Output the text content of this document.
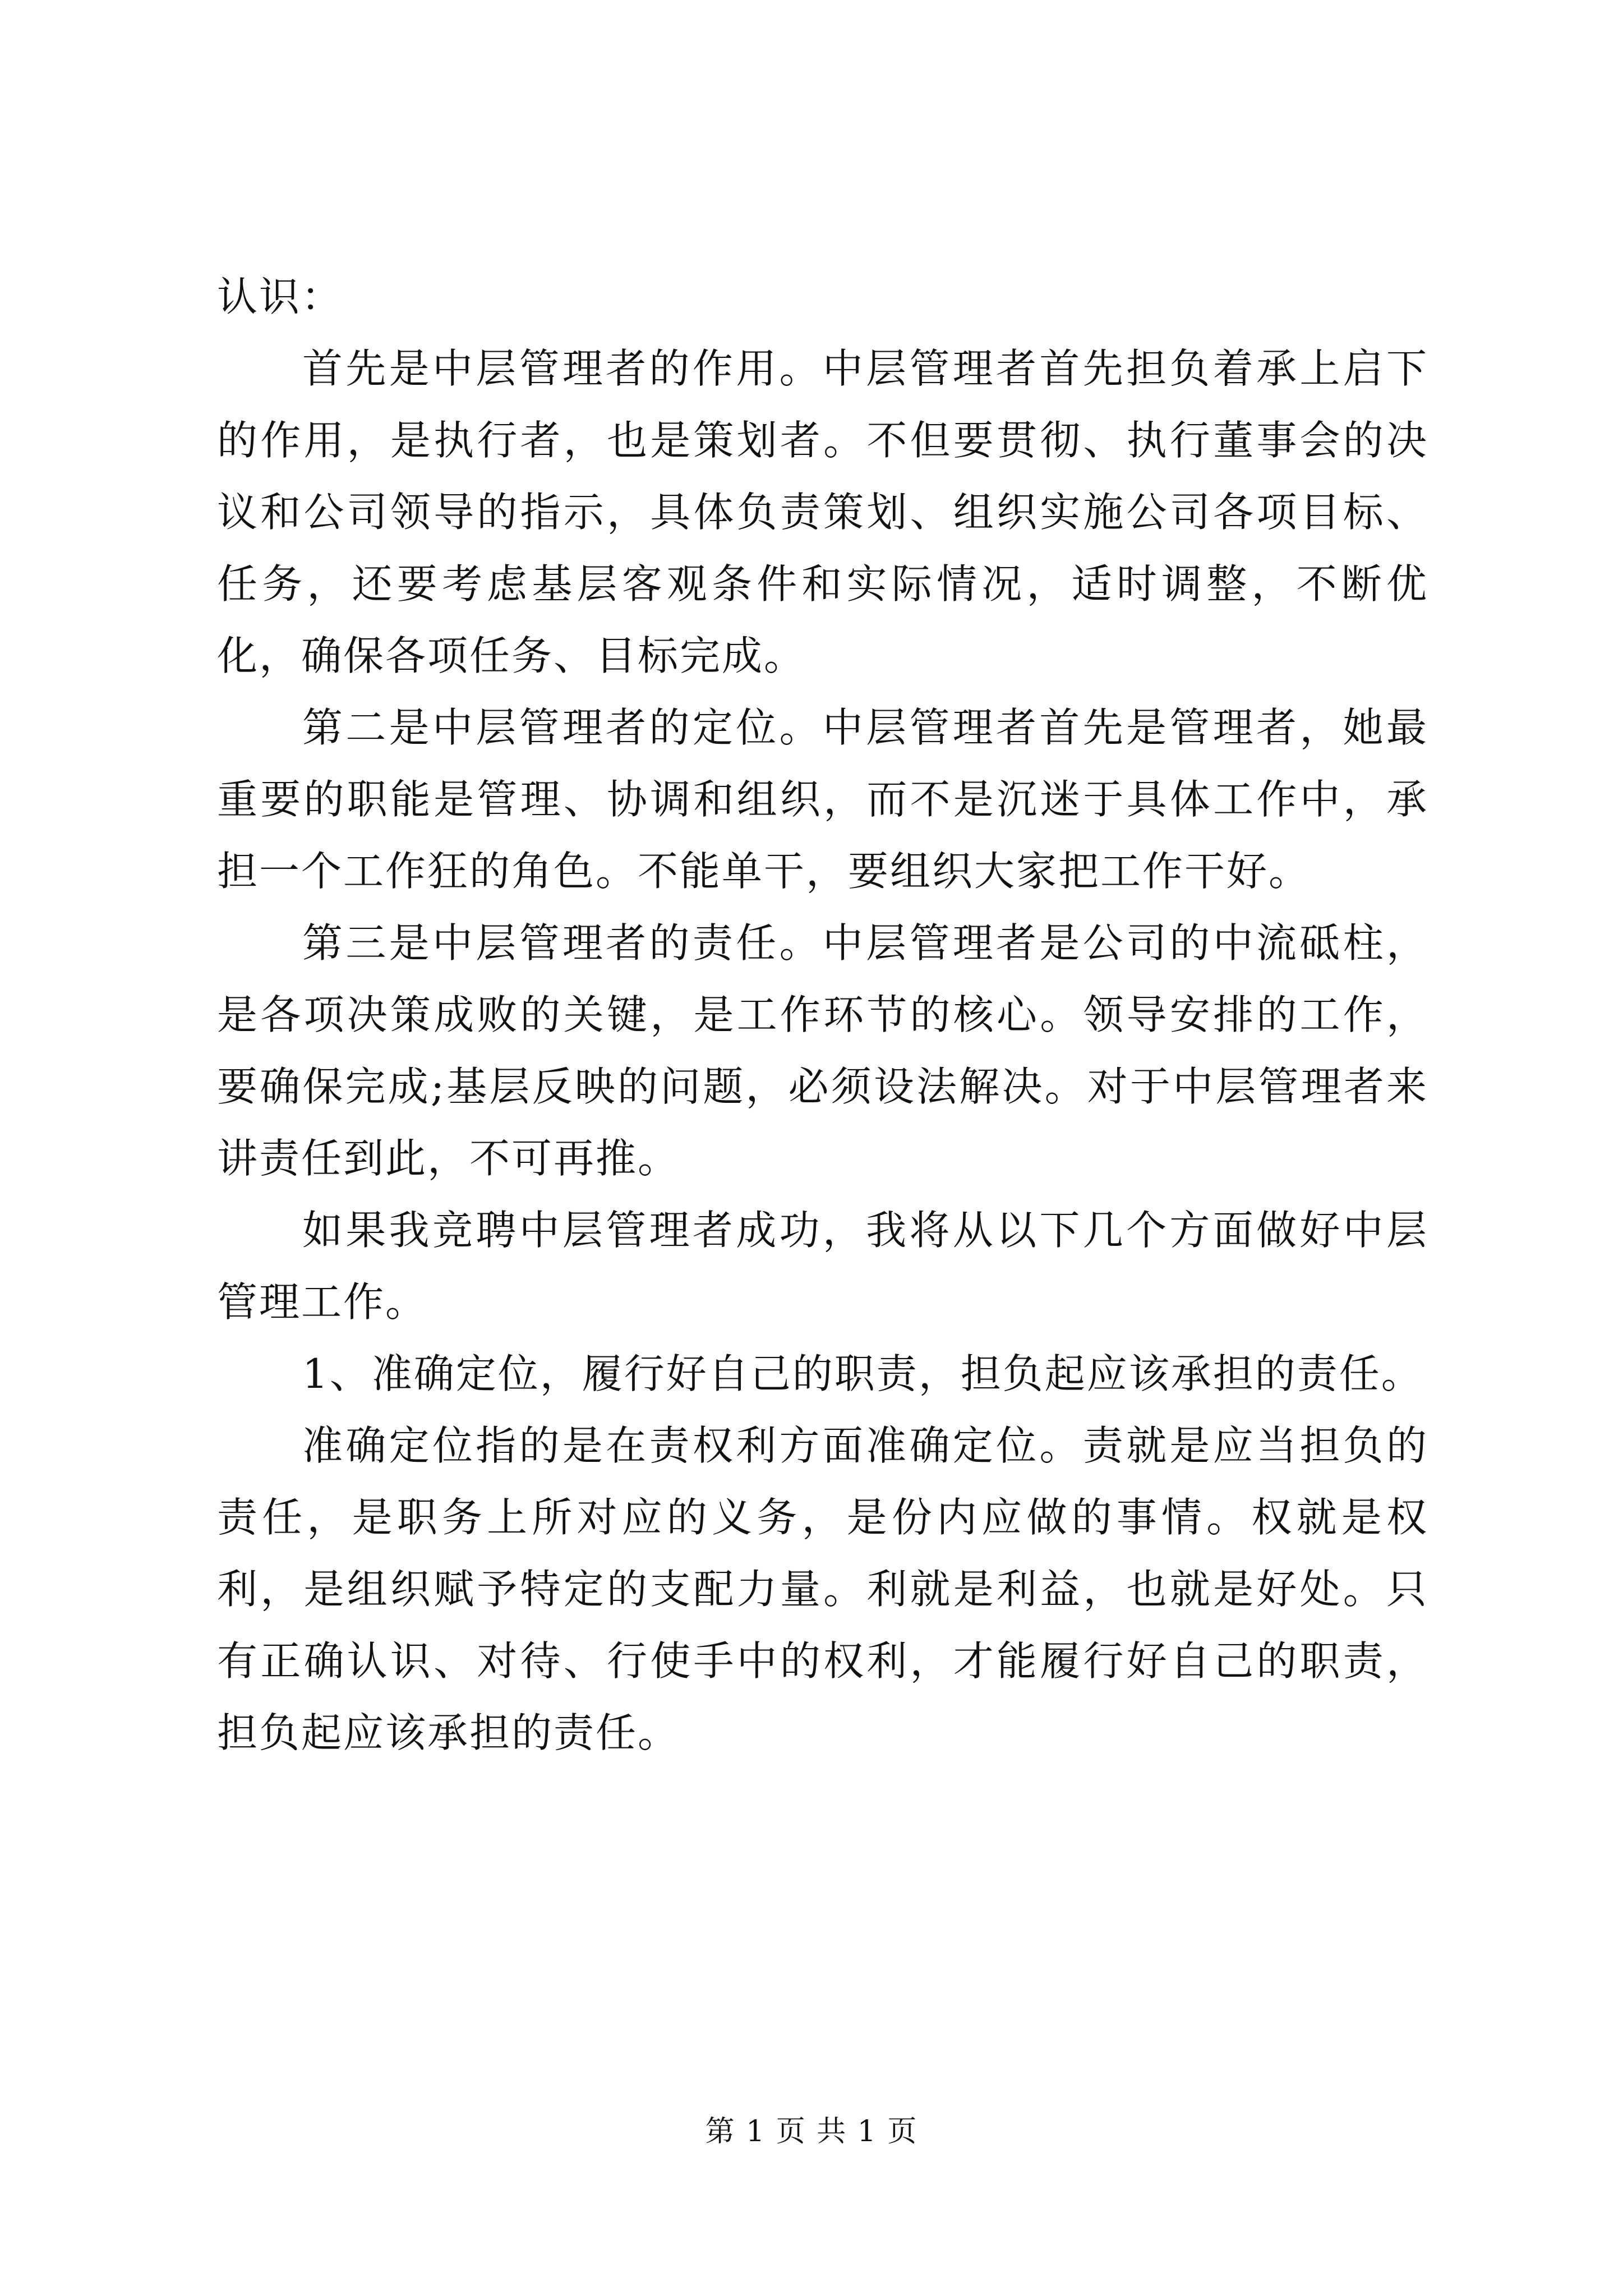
认识：

首先是中层管理者的作用。中层管理者首先担负着承上启下的作用，是执行者，也是策划者。不但要贯彻、执行董事会的决议和公司领导的指示，具体负责策划、组织实施公司各项目标、任务，还要考虑基层客观条件和实际情况，适时调整，不断优化，确保各项任务、目标完成。

第二是中层管理者的定位。中层管理者首先是管理者，她最重要的职能是管理、协调和组织，而不是沉迷于具体工作中，承担一个工作狂的角色。不能单干，要组织大家把工作干好。

第三是中层管理者的责任。中层管理者是公司的中流砥柱，是各项决策成败的关键，是工作环节的核心。领导安排的工作，要确保完成;基层反映的问题，必须设法解决。对于中层管理者来讲责任到此，不可再推。

如果我竞聘中层管理者成功，我将从以下几个方面做好中层管理工作。

1、准确定位，履行好自己的职责，担负起应该承担的责任。

准确定位指的是在责权利方面准确定位。责就是应当担负的责任，是职务上所对应的义务，是份内应做的事情。权就是权利，是组织赋予特定的支配力量。利就是利益，也就是好处。只有正确认识、对待、行使手中的权利，才能履行好自己的职责，担负起应该承担的责任。

第 1 页 共 1 页
